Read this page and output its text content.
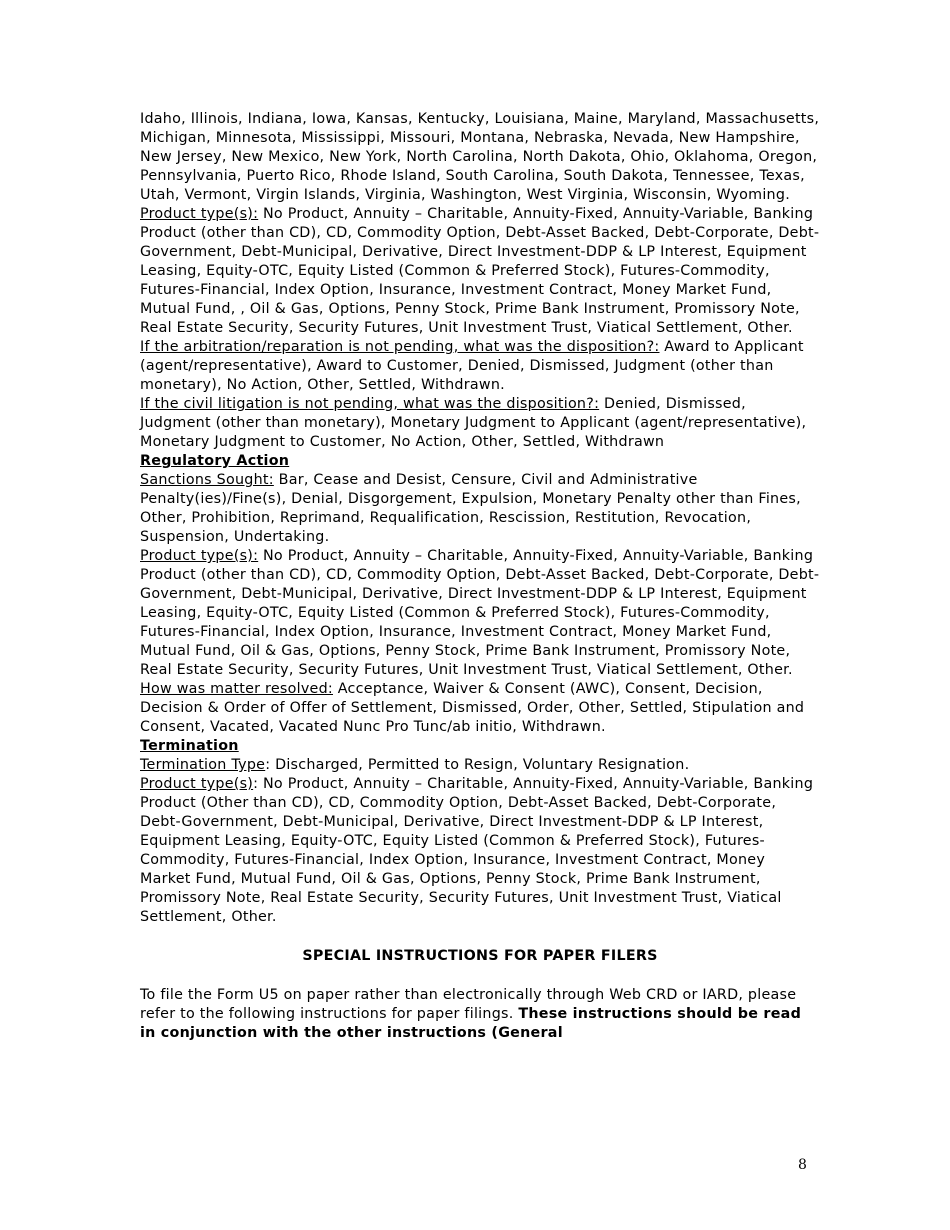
Idaho, Illinois, Indiana, Iowa, Kansas, Kentucky, Louisiana, Maine, Maryland, Massachusetts, Michigan, Minnesota, Mississippi, Missouri, Montana, Nebraska, Nevada, New Hampshire, New Jersey, New Mexico, New York, North Carolina, North Dakota, Ohio, Oklahoma, Oregon, Pennsylvania, Puerto Rico, Rhode Island, South Carolina, South Dakota, Tennessee, Texas, Utah, Vermont, Virgin Islands, Virginia, Washington, West Virginia, Wisconsin, Wyoming.

Product type(s): No Product, Annuity – Charitable, Annuity-Fixed, Annuity-Variable, Banking Product (other than CD), CD, Commodity Option, Debt-Asset Backed, Debt-Corporate, Debt-Government, Debt-Municipal, Derivative, Direct Investment-DDP & LP Interest, Equipment Leasing, Equity-OTC, Equity Listed (Common & Preferred Stock), Futures-Commodity, Futures-Financial, Index Option, Insurance, Investment Contract, Money Market Fund, Mutual Fund, , Oil & Gas, Options, Penny Stock, Prime Bank Instrument, Promissory Note, Real Estate Security, Security Futures, Unit Investment Trust, Viatical Settlement, Other.

If the arbitration/reparation is not pending, what was the disposition?: Award to Applicant (agent/representative), Award to Customer, Denied, Dismissed, Judgment (other than monetary), No Action, Other, Settled, Withdrawn.

If the civil litigation is not pending, what was the disposition?: Denied, Dismissed, Judgment (other than monetary), Monetary Judgment to Applicant (agent/representative), Monetary Judgment to Customer, No Action, Other, Settled, Withdrawn

Regulatory Action

Sanctions Sought: Bar, Cease and Desist, Censure, Civil and Administrative Penalty(ies)/Fine(s), Denial, Disgorgement, Expulsion, Monetary Penalty other than Fines, Other, Prohibition, Reprimand, Requalification, Rescission, Restitution, Revocation, Suspension, Undertaking.

Product type(s): No Product, Annuity – Charitable, Annuity-Fixed, Annuity-Variable, Banking Product (other than CD), CD, Commodity Option, Debt-Asset Backed, Debt-Corporate, Debt-Government, Debt-Municipal, Derivative, Direct Investment-DDP & LP Interest, Equipment Leasing, Equity-OTC, Equity Listed (Common & Preferred Stock), Futures-Commodity, Futures-Financial, Index Option, Insurance, Investment Contract, Money Market Fund, Mutual Fund, Oil & Gas, Options, Penny Stock, Prime Bank Instrument, Promissory Note, Real Estate Security, Security Futures, Unit Investment Trust, Viatical Settlement, Other.

How was matter resolved: Acceptance, Waiver & Consent (AWC), Consent, Decision, Decision & Order of Offer of Settlement, Dismissed, Order, Other, Settled, Stipulation and Consent, Vacated, Vacated Nunc Pro Tunc/ab initio, Withdrawn.

Termination

Termination Type: Discharged, Permitted to Resign, Voluntary Resignation.

Product type(s): No Product, Annuity – Charitable, Annuity-Fixed, Annuity-Variable, Banking Product (Other than CD), CD, Commodity Option, Debt-Asset Backed, Debt-Corporate, Debt-Government, Debt-Municipal, Derivative, Direct Investment-DDP & LP Interest, Equipment Leasing, Equity-OTC, Equity Listed (Common & Preferred Stock), Futures-Commodity, Futures-Financial, Index Option, Insurance, Investment Contract, Money Market Fund, Mutual Fund, Oil & Gas, Options, Penny Stock, Prime Bank Instrument, Promissory Note, Real Estate Security, Security Futures, Unit Investment Trust, Viatical Settlement, Other.

SPECIAL INSTRUCTIONS FOR PAPER FILERS

To file the Form U5 on paper rather than electronically through Web CRD or IARD, please refer to the following instructions for paper filings. These instructions should be read in conjunction with the other instructions (General

8
